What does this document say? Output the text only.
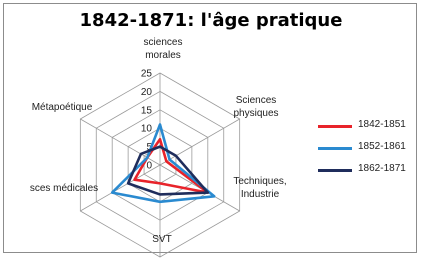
1842-1871: l'âge pratique
0
5
10
15
20
25
sciences
morales
Sciences
physiques
Techniques,
Industrie
SVT
sces médicales
Métapoétique
1842-1851
1852-1861
1862-1871
